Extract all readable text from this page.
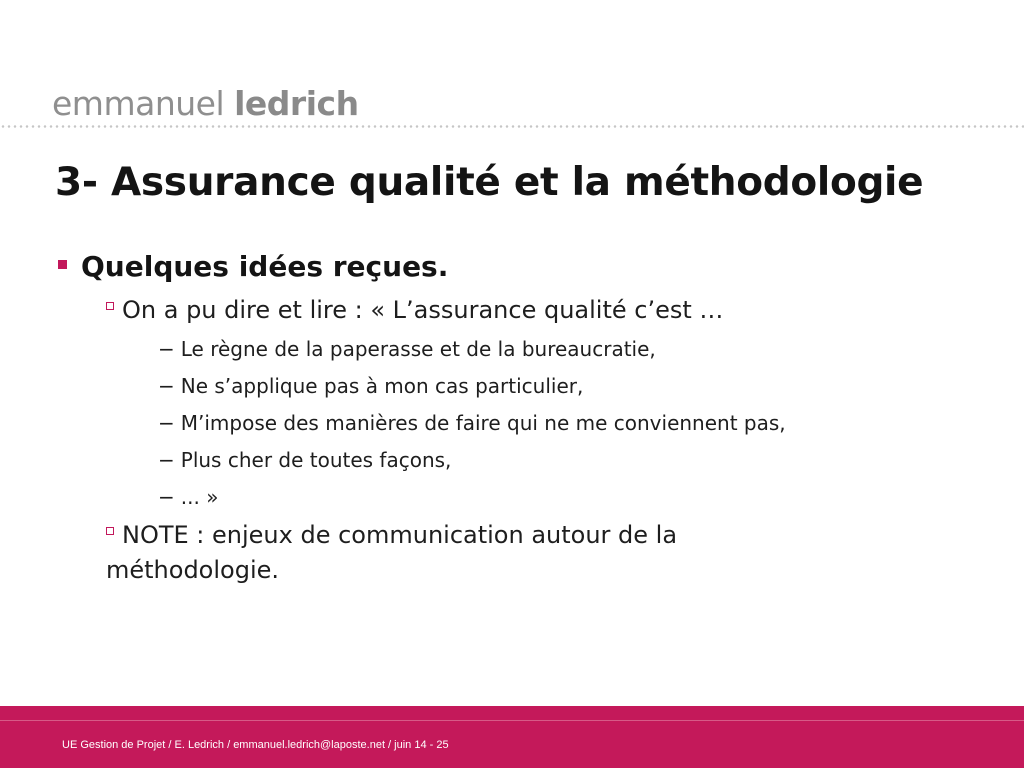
emmanuel ledrich
3- Assurance qualité et la méthodologie
Quelques idées reçues.
On a pu dire et lire : « L’assurance qualité c’est …
− Le règne de la paperasse et de la bureaucratie,
− Ne s’applique pas à mon cas particulier,
− M’impose des manières de faire qui ne me conviennent pas,
− Plus cher de toutes façons,
− ... »
NOTE : enjeux de communication autour de la méthodologie.
UE Gestion de Projet / E. Ledrich / emmanuel.ledrich@laposte.net / juin 14 - 25
